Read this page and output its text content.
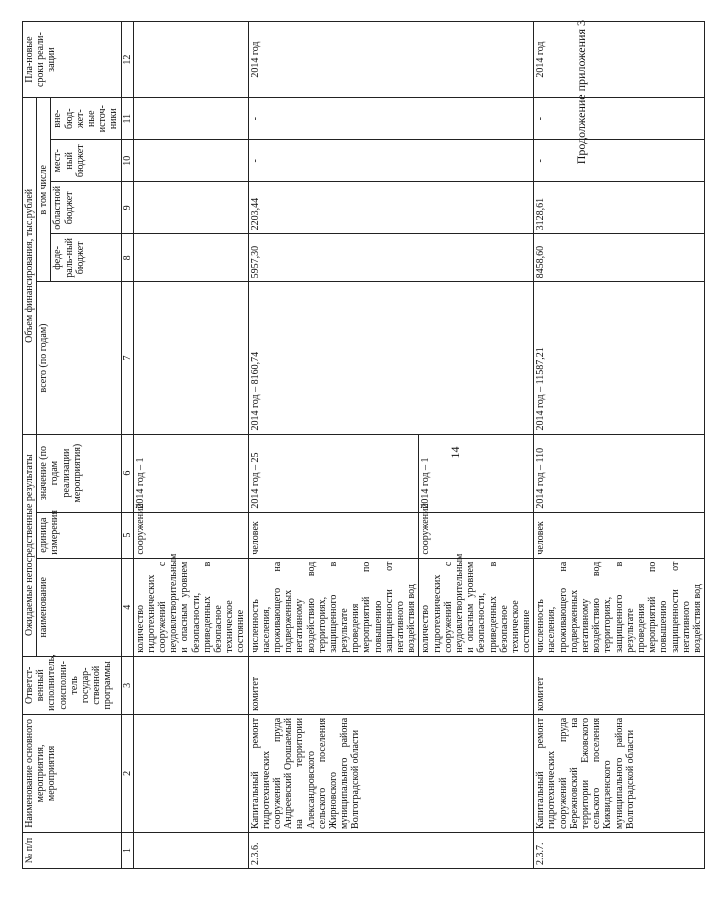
14
Продолжение приложения 3
№ п/п	Наименование основного мероприятия, мероприятия	Ответст-венный исполнитель, соисполни-тель государ-ственной программы	Ожидаемые непосредственные результаты			Объем финансирования, тыс.рублей					Пла-новые сроки реали-зации
			наименование	единица измерения	значение (по годам реализации мероприятия)	всего (по годам)	в том числе				
							феде-раль-ный бюджет	областной бюджет	мест-ный бюджет	вне-бюд-жет-ные источ-ники	
1	2	3	4	5	6	7	8	9	10	11	12
			количество гидротехнических сооружений с неудовлетворительным и опасным уровнем безопасности, приведенных в безопасное техническое состояние	сооружений	2014 год – 1						
2.3.6.	Капитальный ремонт гидротехнических сооружений пруда Андреевский Орошаемый на территории Александровского сельского поселения Жирновского муниципального района Волгоградской области	комитет	численность населения, проживающего на подверженных негативному воздействию вод территориях, защищенного в результате проведения мероприятий по повышению защищенности от негативного воздействия вод	человек	2014 год – 25	2014 год – 8160,74	5957,30	2203,44	-	-	2014 год
			количество гидротехнических сооружений с неудовлетворительным и опасным уровнем безопасности, приведенных в безопасное техническое состояние	сооружений	2014 год – 1						
2.3.7.	Капитальный ремонт гидротехнических сооружений пруда Бережновский на территории Ежовского сельского поселения Киквидзенского муниципального района Волгоградской области	комитет	численность населения, проживающего на подверженных негативному воздействию вод территориях, защищенного в результате проведения мероприятий по повышению защищенности от негативного воздействия вод	человек	2014 год – 110	2014 год – 11587,21	8458,60	3128,61	-	-	2014 год
